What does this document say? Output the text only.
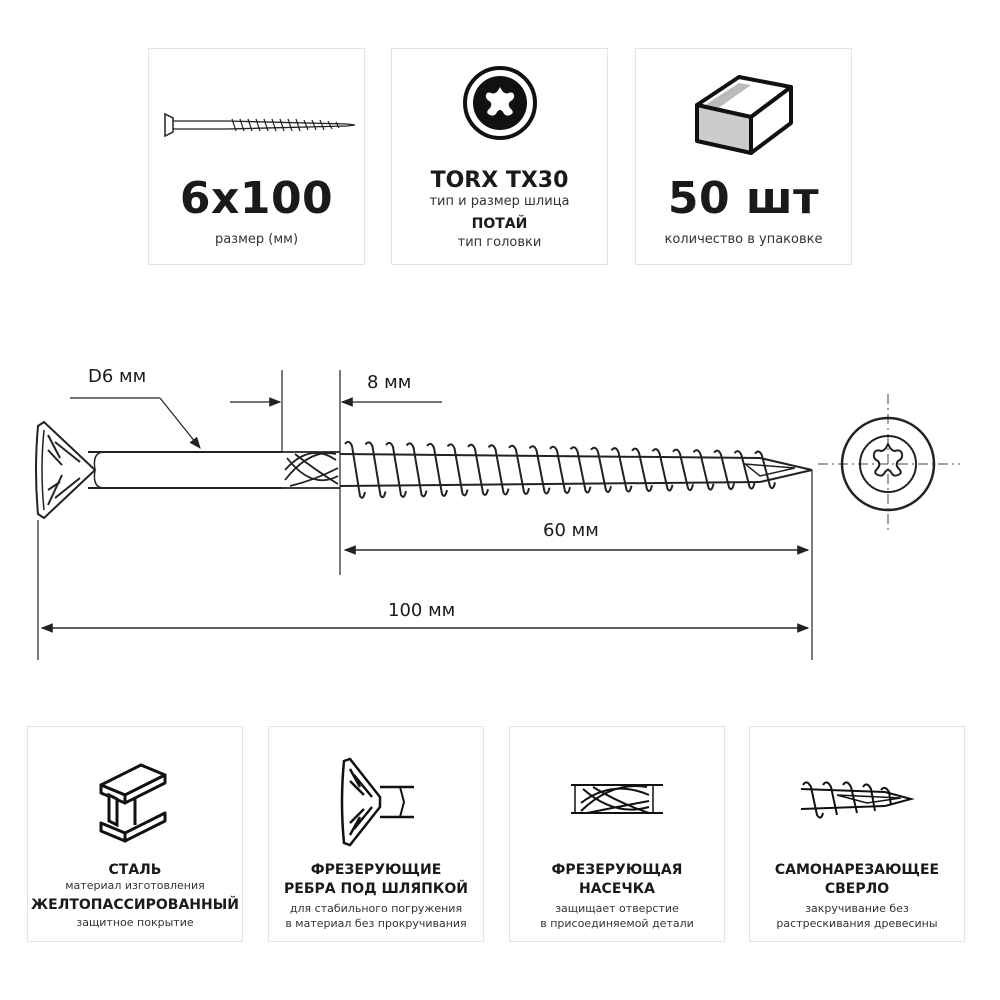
6x100
размер (мм)
TORX TX30
тип и размер шлица
ПОТАЙ
тип головки
50 шт
количество в упаковке
D6 мм	8 мм
60 мм
100 мм
СТАЛЬ
материал изготовления
ЖЕЛТОПАССИРОВАННЫЙ
защитное покрытие
ФРЕЗЕРУЮЩИЕ
РЕБРА ПОД ШЛЯПКОЙ
для стабильного погружения
в материал без прокручивания
ФРЕЗЕРУЮЩАЯ
НАСЕЧКА
защищает отверстие
в присоединяемой детали
САМОНАРЕЗАЮЩЕЕ
СВЕРЛО
закручивание без
растрескивания древесины
